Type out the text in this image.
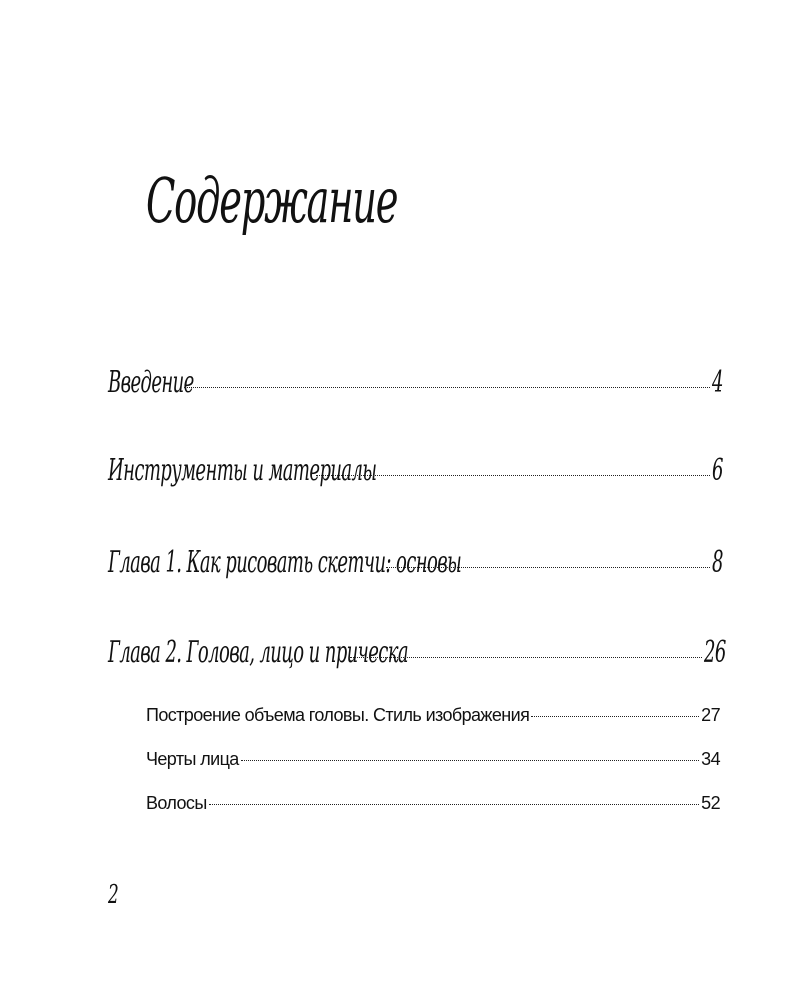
Содержание
Введение	4
Инструменты и материалы	6
Глава 1. Как рисовать скетчи: основы	8
Глава 2. Голова, лицо и прическа	26
Построение объема головы. Стиль изображения	27
Черты лица	34
Волосы	52
2
